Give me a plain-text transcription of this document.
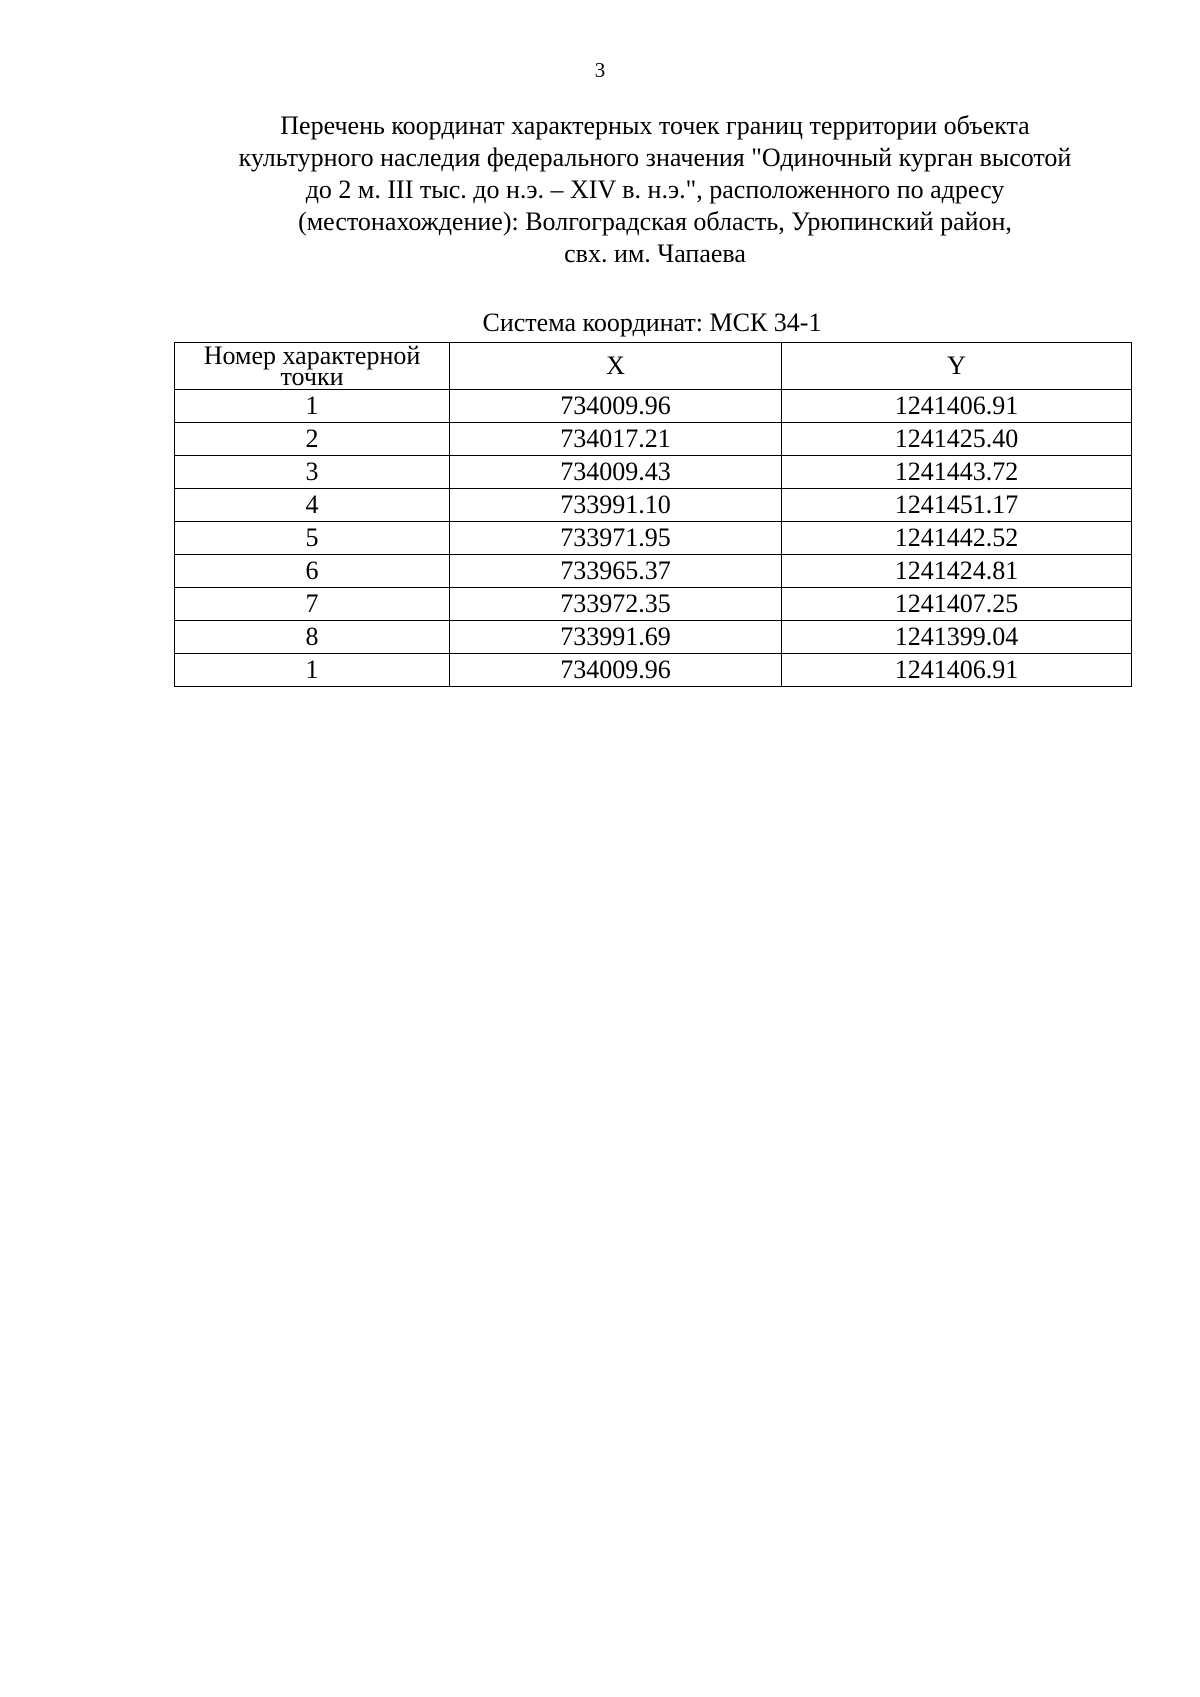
3
Перечень координат характерных точек границ территории объекта
культурного наследия федерального значения "Одиночный курган высотой
до 2 м. III тыс. до н.э. – XIV в. н.э.", расположенного по адресу
(местонахождение): Волгоградская область, Урюпинский район,
свх. им. Чапаева
Система координат: МСК 34-1
Номер характерной
точки	X	Y
1	734009.96	1241406.91
2	734017.21	1241425.40
3	734009.43	1241443.72
4	733991.10	1241451.17
5	733971.95	1241442.52
6	733965.37	1241424.81
7	733972.35	1241407.25
8	733991.69	1241399.04
1	734009.96	1241406.91
